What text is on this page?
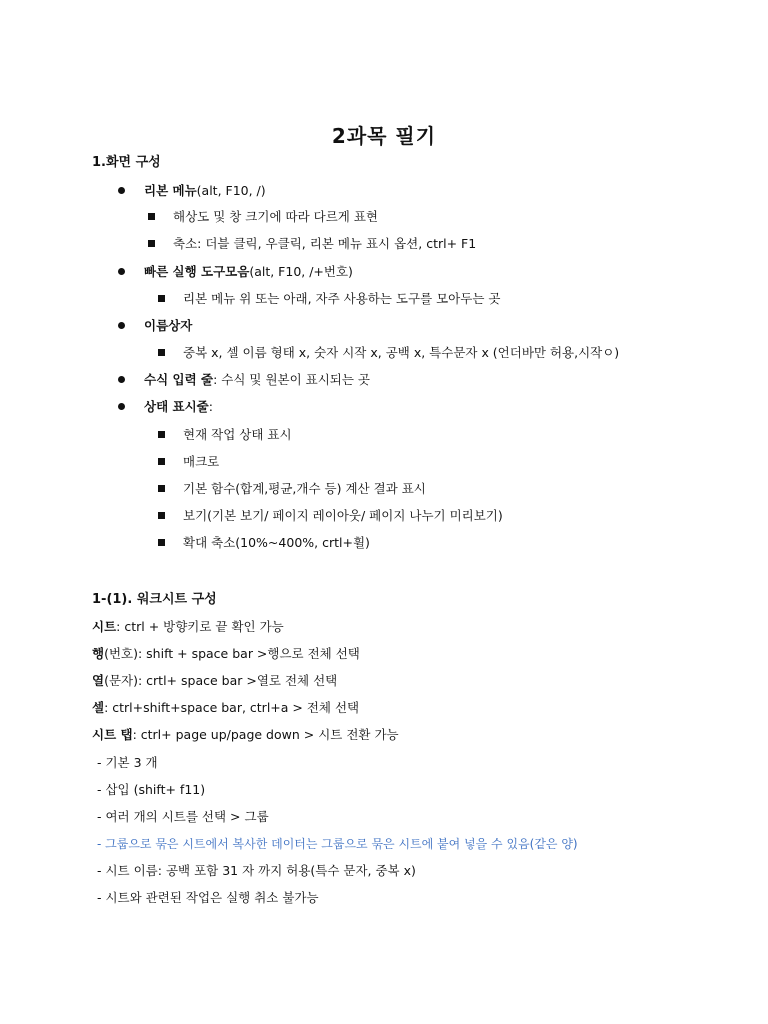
2과목 필기
1.화면 구성
리본 메뉴(alt, F10, /)
해상도 및 창 크기에 따라 다르게 표현
축소: 더블 클릭, 우클릭, 리본 메뉴 표시 옵션, ctrl+ F1
빠른 실행 도구모음(alt, F10, /+번호)
리본 메뉴 위 또는 아래, 자주 사용하는 도구를 모아두는 곳
이름상자
중복 x, 셀 이름 형태 x, 숫자 시작 x, 공백 x, 특수문자 x (언더바만 허용,시작ㅇ)
수식 입력 줄: 수식 및 원본이 표시되는 곳
상태 표시줄:
현재 작업 상태 표시
매크로
기본 함수(합계,평균,개수 등) 계산 결과 표시
보기(기본 보기/ 페이지 레이아웃/ 페이지 나누기 미리보기)
확대 축소(10%~400%, crtl+휠)
1-(1). 워크시트 구성
시트: ctrl + 방향키로 끝 확인 가능
행(번호): shift + space bar >행으로 전체 선택
열(문자): crtl+ space bar >열로 전체 선택
셀: ctrl+shift+space bar, ctrl+a > 전체 선택
시트 탭: ctrl+ page up/page down > 시트 전환 가능
- 기본 3 개
- 삽입 (shift+ f11)
- 여러 개의 시트를 선택 > 그룹
- 그룹으로 묶은 시트에서 복사한 데이터는 그룹으로 묶은 시트에 붙여 넣을 수 있음(같은 양)
- 시트 이름: 공백 포함 31 자 까지 허용(특수 문자, 중복 x)
- 시트와 관련된 작업은 실행 취소 불가능
